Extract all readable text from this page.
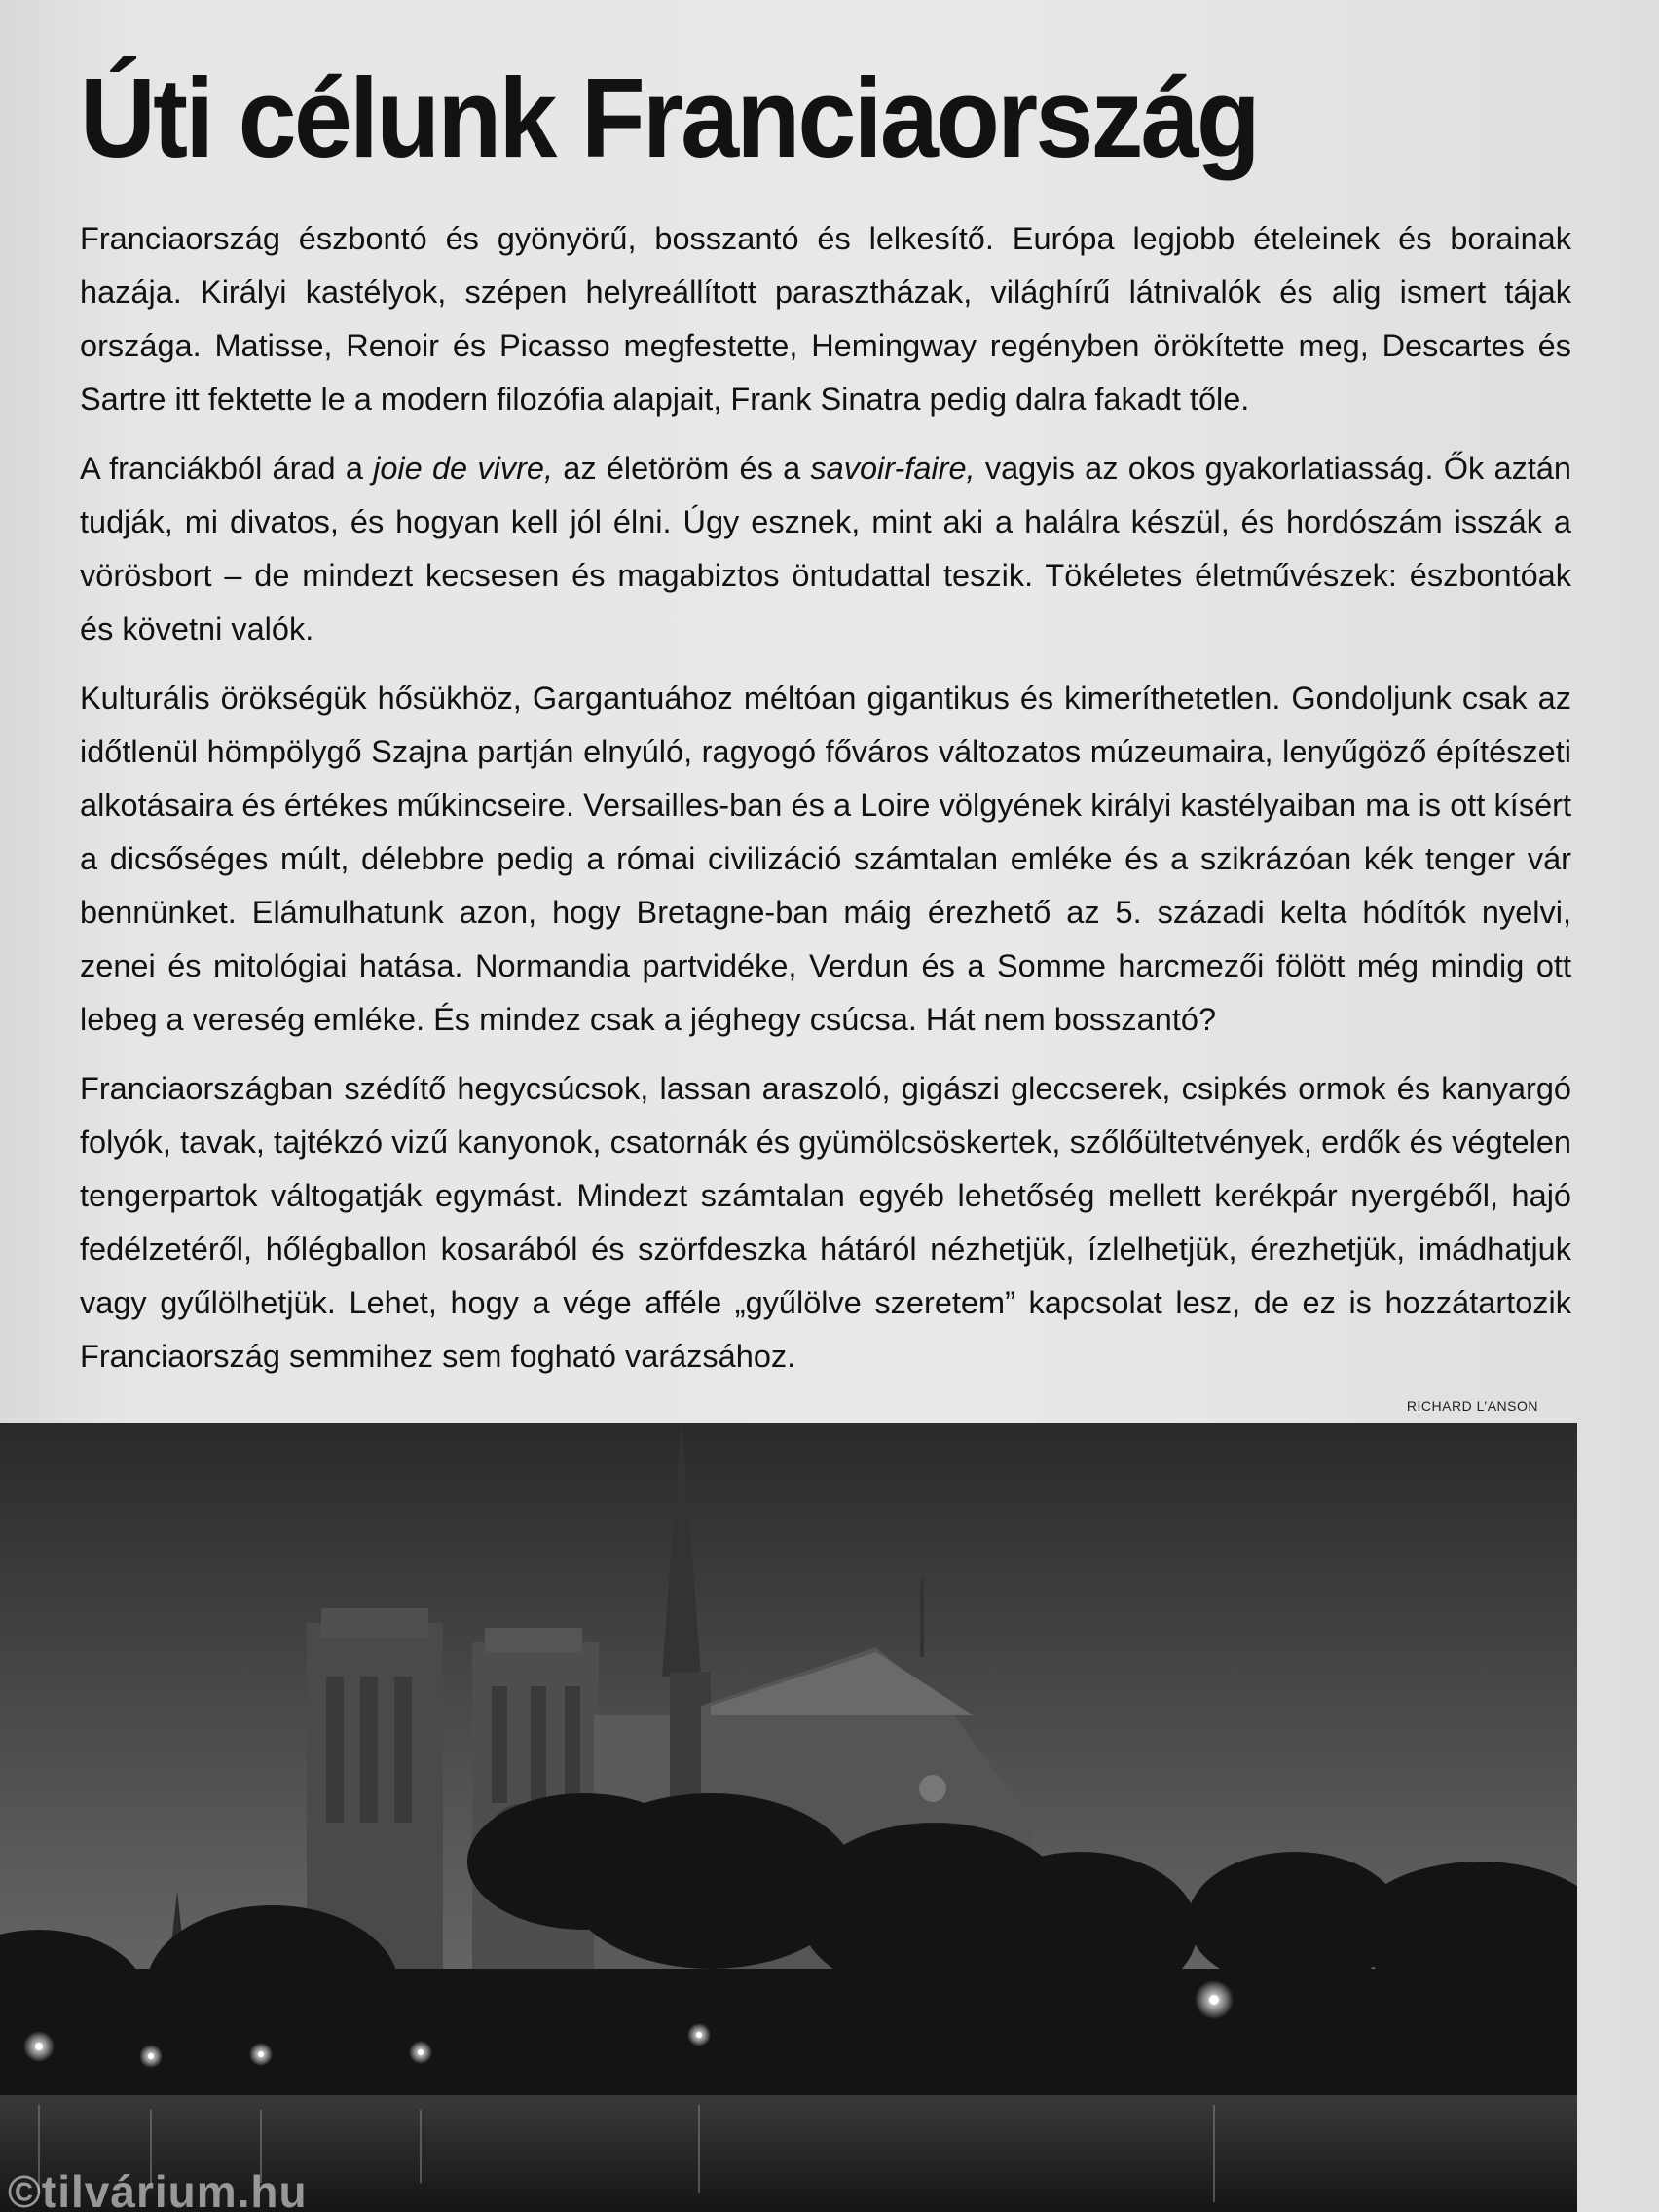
Úti célunk Franciaország

Franciaország észbontó és gyönyörű, bosszantó és lelkesítő. Európa legjobb ételeinek és borainak hazája. Királyi kastélyok, szépen helyreállított parasztházak, világhírű látnivalók és alig ismert tájak országa. Matisse, Renoir és Picasso megfestette, Hemingway regényben örökítette meg, Descartes és Sartre itt fektette le a modern filozófia alapjait, Frank Sinatra pedig dalra fakadt tőle.

A franciákból árad a joie de vivre, az életöröm és a savoir-faire, vagyis az okos gyakorlatiasság. Ők aztán tudják, mi divatos, és hogyan kell jól élni. Úgy esznek, mint aki a halálra készül, és hordószám isszák a vörösbort – de mindezt kecsesen és magabiztos öntudattal teszik. Tökéletes életművészek: észbontóak és követni valók.

Kulturális örökségük hősükhöz, Gargantuához méltóan gigantikus és kimeríthetetlen. Gondoljunk csak az időtlenül hömpölygő Szajna partján elnyúló, ragyogó főváros változatos múzeumaira, lenyűgöző építészeti alkotásaira és értékes műkincseire. Versailles-ban és a Loire völgyének királyi kastélyaiban ma is ott kísért a dicsőséges múlt, délebbre pedig a római civilizáció számtalan emléke és a szikrázóan kék tenger vár bennünket. Elámulhatunk azon, hogy Bretagne-ban máig érezhető az 5. századi kelta hódítók nyelvi, zenei és mitológiai hatása. Normandia partvidéke, Verdun és a Somme harcmezői fölött még mindig ott lebeg a vereség emléke. És mindez csak a jéghegy csúcsa. Hát nem bosszantó?

Franciaországban szédítő hegycsúcsok, lassan araszoló, gigászi gleccserek, csipkés ormok és kanyargó folyók, tavak, tajtékzó vizű kanyonok, csatornák és gyümölcsöskertek, szőlőültetvények, erdők és végtelen tengerpartok váltogatják egymást. Mindezt számtalan egyéb lehetőség mellett kerékpár nyergéből, hajó fedélzetéről, hőlégballon kosarából és szörfdeszka hátáról nézhetjük, ízlelhetjük, érezhetjük, imádhatjuk vagy gyűlölhetjük. Lehet, hogy a vége afféle „gyűlölve szeretem” kapcsolat lesz, de ez is hozzátartozik Franciaország semmihez sem fogható varázsához.

RICHARD L’ANSON
©tilvárium.hu
